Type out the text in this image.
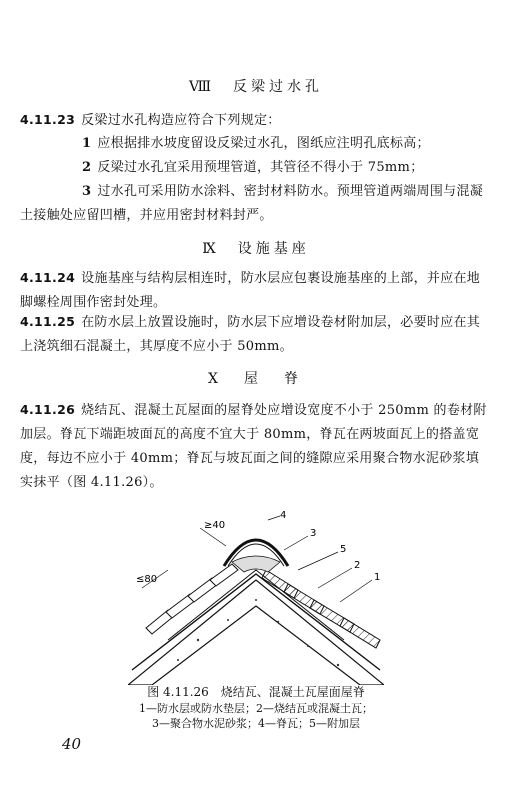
Ⅷ　反梁过水孔
4.11.23 反梁过水孔构造应符合下列规定：
1 应根据排水坡度留设反梁过水孔，图纸应注明孔底标高；
2 反梁过水孔宜采用预埋管道，其管径不得小于 75mm；
3 过水孔可采用防水涂料、密封材料防水。预埋管道两端周围与混凝土接触处应留凹槽，并应用密封材料封严。
Ⅸ　设施基座
4.11.24 设施基座与结构层相连时，防水层应包裹设施基座的上部，并应在地脚螺栓周围作密封处理。
4.11.25 在防水层上放置设施时，防水层下应增设卷材附加层，必要时应在其上浇筑细石混凝土，其厚度不应小于 50mm。
Ⅹ　屋　脊
4.11.26 烧结瓦、混凝土瓦屋面的屋脊处应增设宽度不小于 250mm 的卷材附加层。脊瓦下端距坡面瓦的高度不宜大于 80mm，脊瓦在两坡面瓦上的搭盖宽度，每边不应小于 40mm；脊瓦与坡瓦面之间的缝隙应采用聚合物水泥砂浆填实抹平（图 4.11.26）。
≥40
≤80
4
3
5
2
1
图 4.11.26　烧结瓦、混凝土瓦屋面屋脊
1—防水层或防水垫层；2—烧结瓦或混凝土瓦；
3—聚合物水泥砂浆；4—脊瓦；5—附加层
40
